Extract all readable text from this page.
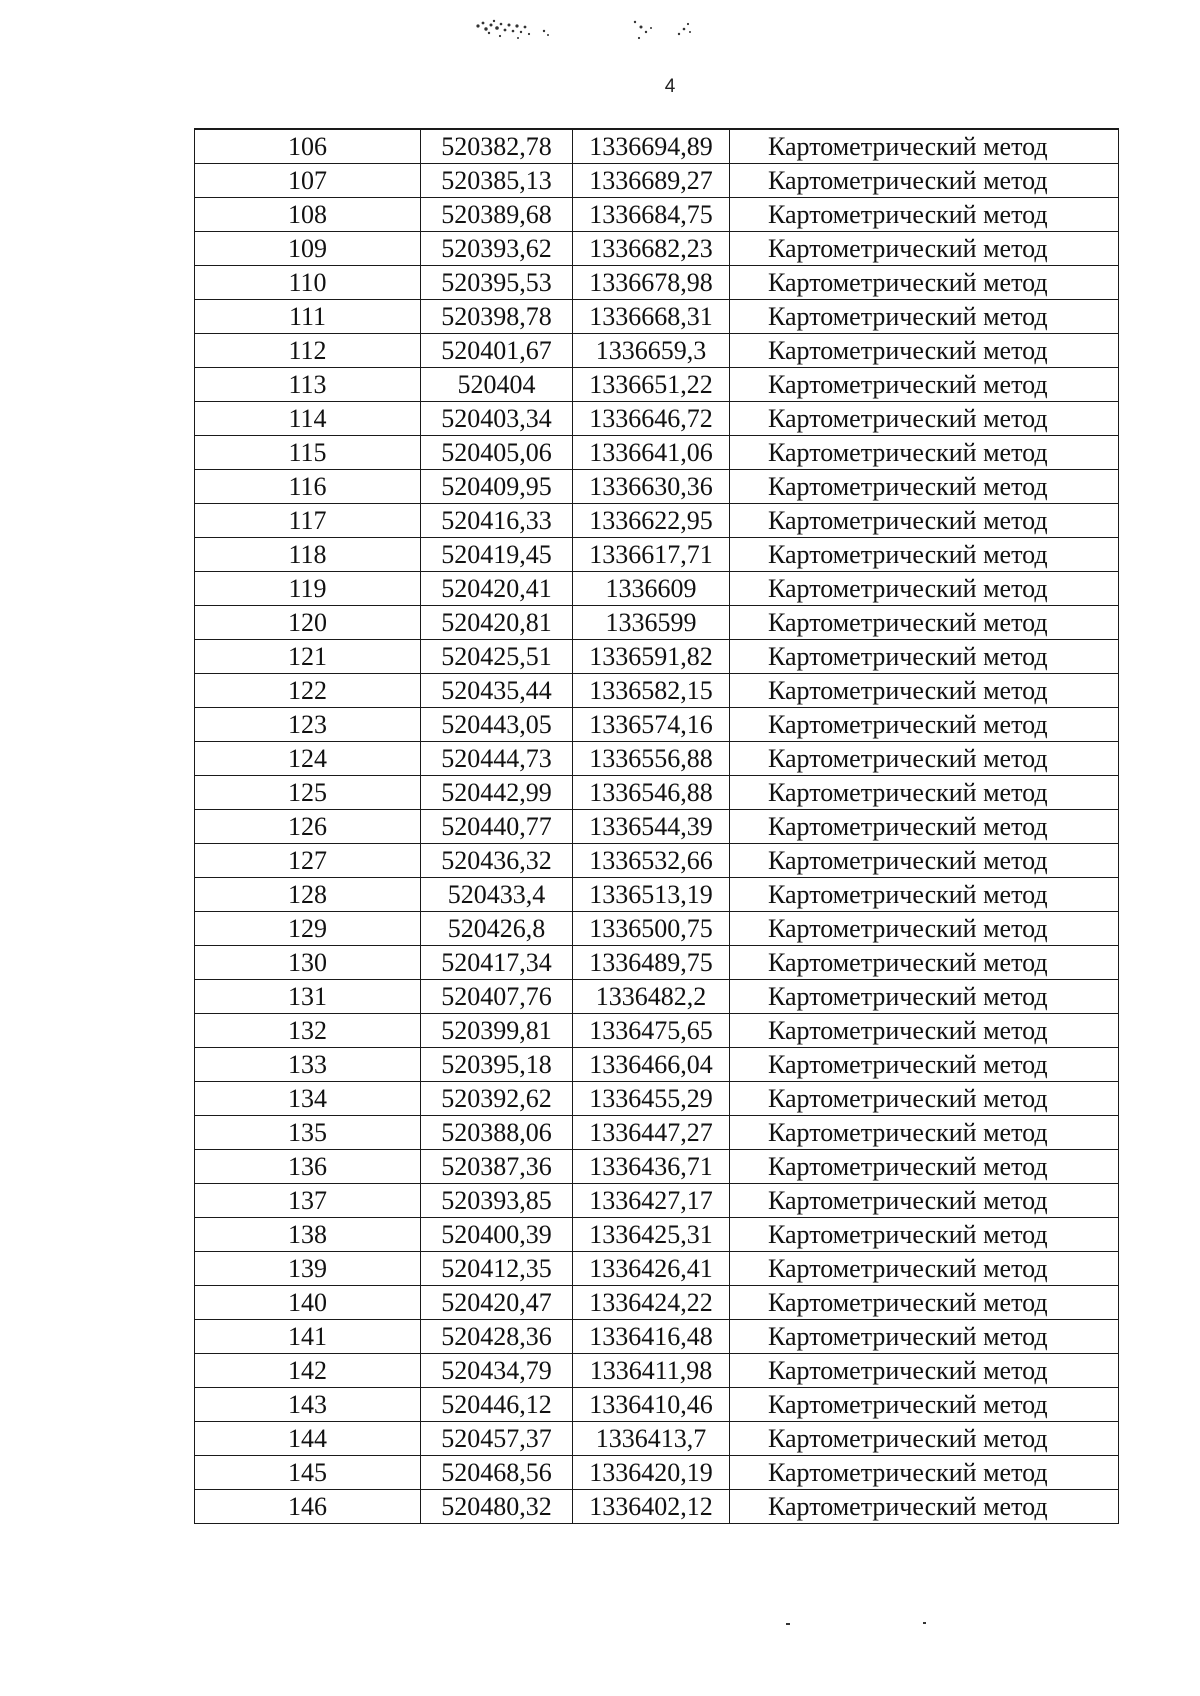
4
106	520382,78	1336694,89	Картометрический метод
107	520385,13	1336689,27	Картометрический метод
108	520389,68	1336684,75	Картометрический метод
109	520393,62	1336682,23	Картометрический метод
110	520395,53	1336678,98	Картометрический метод
111	520398,78	1336668,31	Картометрический метод
112	520401,67	1336659,3	Картометрический метод
113	520404	1336651,22	Картометрический метод
114	520403,34	1336646,72	Картометрический метод
115	520405,06	1336641,06	Картометрический метод
116	520409,95	1336630,36	Картометрический метод
117	520416,33	1336622,95	Картометрический метод
118	520419,45	1336617,71	Картометрический метод
119	520420,41	1336609	Картометрический метод
120	520420,81	1336599	Картометрический метод
121	520425,51	1336591,82	Картометрический метод
122	520435,44	1336582,15	Картометрический метод
123	520443,05	1336574,16	Картометрический метод
124	520444,73	1336556,88	Картометрический метод
125	520442,99	1336546,88	Картометрический метод
126	520440,77	1336544,39	Картометрический метод
127	520436,32	1336532,66	Картометрический метод
128	520433,4	1336513,19	Картометрический метод
129	520426,8	1336500,75	Картометрический метод
130	520417,34	1336489,75	Картометрический метод
131	520407,76	1336482,2	Картометрический метод
132	520399,81	1336475,65	Картометрический метод
133	520395,18	1336466,04	Картометрический метод
134	520392,62	1336455,29	Картометрический метод
135	520388,06	1336447,27	Картометрический метод
136	520387,36	1336436,71	Картометрический метод
137	520393,85	1336427,17	Картометрический метод
138	520400,39	1336425,31	Картометрический метод
139	520412,35	1336426,41	Картометрический метод
140	520420,47	1336424,22	Картометрический метод
141	520428,36	1336416,48	Картометрический метод
142	520434,79	1336411,98	Картометрический метод
143	520446,12	1336410,46	Картометрический метод
144	520457,37	1336413,7	Картометрический метод
145	520468,56	1336420,19	Картометрический метод
146	520480,32	1336402,12	Картометрический метод
